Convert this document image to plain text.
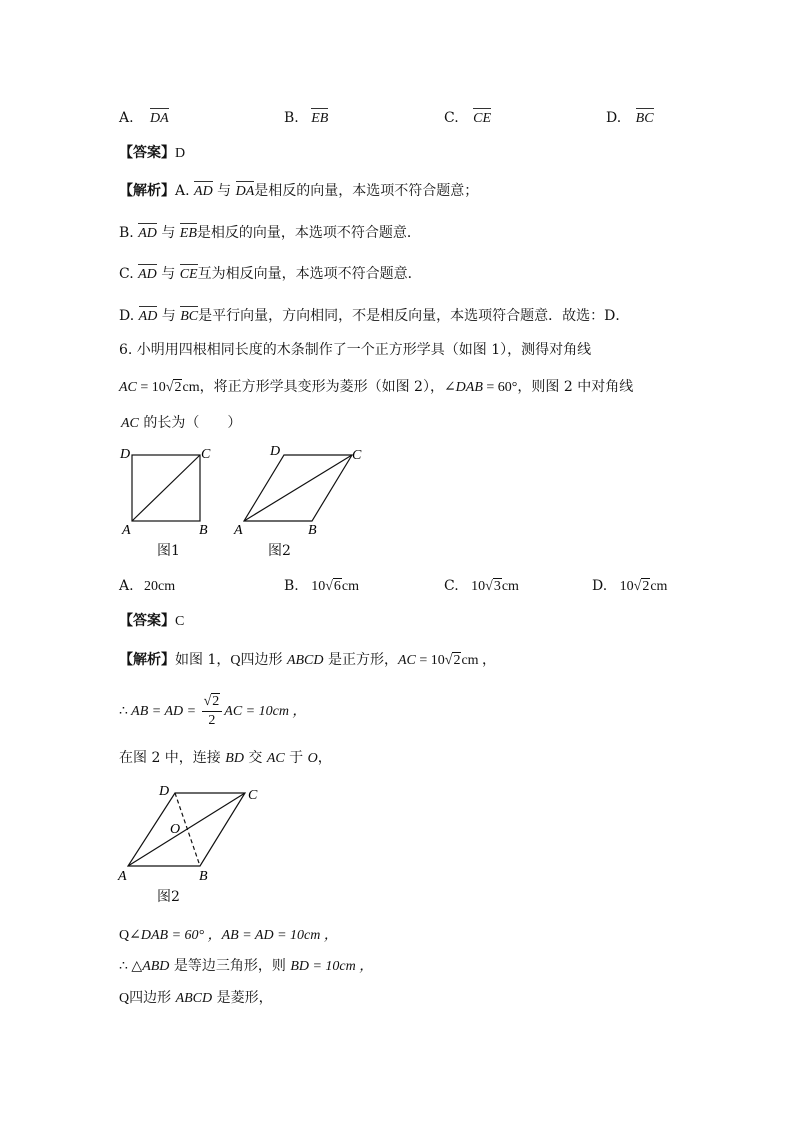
A. DA	B. EB	C. CE	D. BC
【答案】D
【解析】A. AD 与 DA是相反的向量，本选项不符合题意；
B. AD 与 EB是相反的向量，本选项不符合题意．
C. AD 与 CE互为相反向量，本选项不符合题意．
D. AD 与 BC是平行向量，方向相同，不是相反向量，本选项符合题意．故选：D．
6. 小明用四根相同长度的木条制作了一个正方形学具（如图 1），测得对角线
AC = 10√2cm，将正方形学具变形为菱形（如图 2），∠DAB = 60°，则图 2 中对角线
AC 的长为（　　）
D	C
A	B
图1
D	C
A	B
图2
A. 20cm	B. 10√6cm	C. 10√3cm	D. 10√2cm
【答案】C
【解析】如图 1，Q四边形 ABCD 是正方形，AC = 10√2cm ，
∴ AB = AD = $\frac{√2}{2}$ AC = 10cm ，
在图 2 中，连接 BD 交 AC 于 O，
D	C
O
A	B
图2
Q∠DAB = 60° ，AB = AD = 10cm ，
∴ △ABD 是等边三角形，则 BD = 10cm ，
Q四边形 ABCD 是菱形，
